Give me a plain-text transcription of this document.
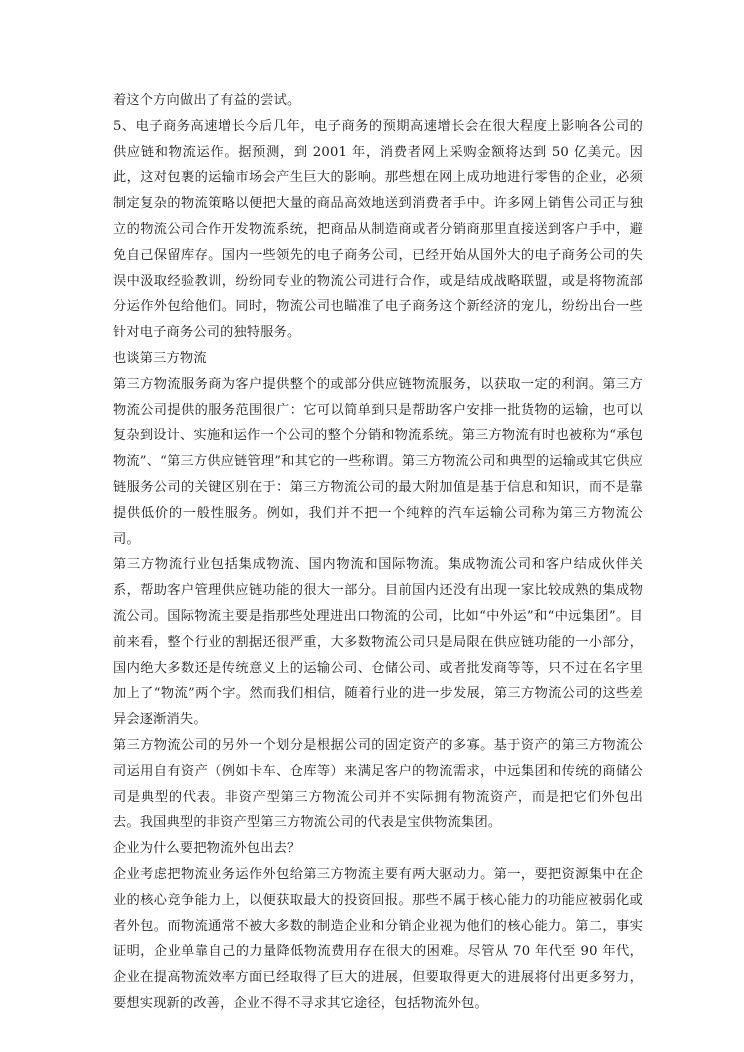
着这个方向做出了有益的尝试。

5、电子商务高速增长今后几年，电子商务的预期高速增长会在很大程度上影响各公司的供应链和物流运作。据预测，到 2001 年，消费者网上采购金额将达到 50 亿美元。因此，这对包裹的运输市场会产生巨大的影响。那些想在网上成功地进行零售的企业，必须制定复杂的物流策略以便把大量的商品高效地送到消费者手中。许多网上销售公司正与独立的物流公司合作开发物流系统，把商品从制造商或者分销商那里直接送到客户手中，避免自己保留库存。国内一些领先的电子商务公司，已经开始从国外大的电子商务公司的失误中汲取经验教训，纷纷同专业的物流公司进行合作，或是结成战略联盟，或是将物流部分运作外包给他们。同时，物流公司也瞄准了电子商务这个新经济的宠儿，纷纷出台一些针对电子商务公司的独特服务。

也谈第三方物流

第三方物流服务商为客户提供整个的或部分供应链物流服务，以获取一定的利润。第三方物流公司提供的服务范围很广：它可以简单到只是帮助客户安排一批货物的运输，也可以复杂到设计、实施和运作一个公司的整个分销和物流系统。第三方物流有时也被称为“承包物流”、“第三方供应链管理”和其它的一些称谓。第三方物流公司和典型的运输或其它供应链服务公司的关键区别在于：第三方物流公司的最大附加值是基于信息和知识，而不是靠提供低价的一般性服务。例如，我们并不把一个纯粹的汽车运输公司称为第三方物流公司。

第三方物流行业包括集成物流、国内物流和国际物流。集成物流公司和客户结成伙伴关系，帮助客户管理供应链功能的很大一部分。目前国内还没有出现一家比较成熟的集成物流公司。国际物流主要是指那些处理进出口物流的公司，比如“中外运”和“中远集团”。目前来看，整个行业的割据还很严重，大多数物流公司只是局限在供应链功能的一小部分，国内绝大多数还是传统意义上的运输公司、仓储公司、或者批发商等等，只不过在名字里加上了“物流”两个字。然而我们相信，随着行业的进一步发展，第三方物流公司的这些差异会逐渐消失。

第三方物流公司的另外一个划分是根据公司的固定资产的多寡。基于资产的第三方物流公司运用自有资产（例如卡车、仓库等）来满足客户的物流需求，中远集团和传统的商储公司是典型的代表。非资产型第三方物流公司并不实际拥有物流资产，而是把它们外包出去。我国典型的非资产型第三方物流公司的代表是宝供物流集团。

企业为什么要把物流外包出去？

企业考虑把物流业务运作外包给第三方物流主要有两大驱动力。第一，要把资源集中在企业的核心竞争能力上，以便获取最大的投资回报。那些不属于核心能力的功能应被弱化或者外包。而物流通常不被大多数的制造企业和分销企业视为他们的核心能力。第二，事实证明，企业单靠自己的力量降低物流费用存在很大的困难。尽管从 70 年代至 90 年代，企业在提高物流效率方面已经取得了巨大的进展，但要取得更大的进展将付出更多努力，要想实现新的改善，企业不得不寻求其它途径，包括物流外包。
